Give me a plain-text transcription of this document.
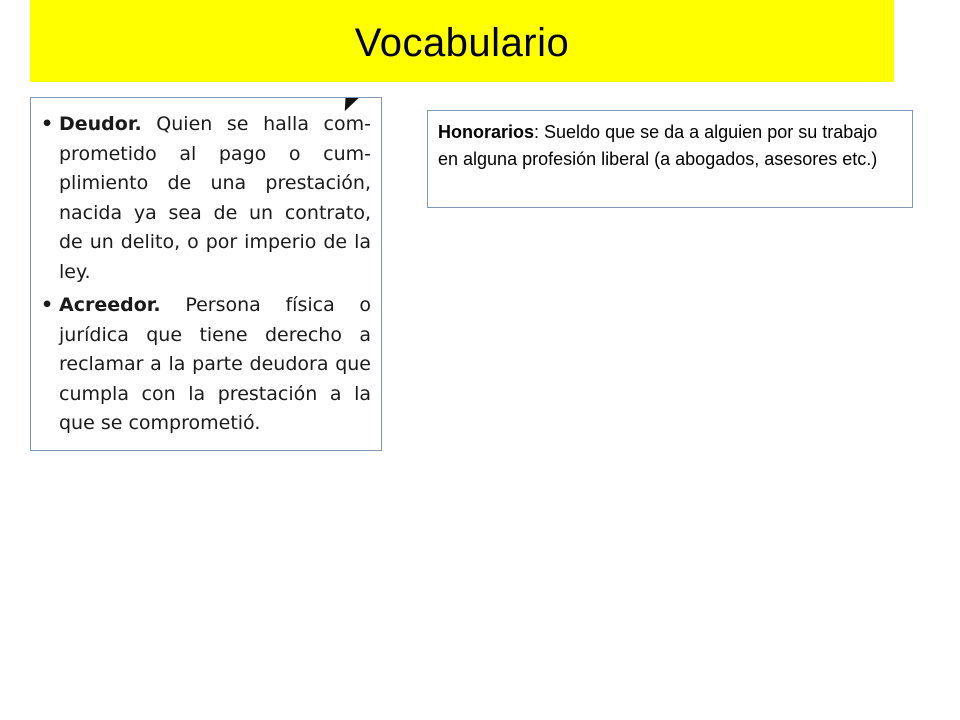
Vocabulario
• Deudor. Quien se halla com-prometido al pago o cum-plimiento de una prestación, nacida ya sea de un contrato, de un delito, o por imperio de la ley.
• Acreedor. Persona física o jurídica que tiene derecho a reclamar a la parte deudora que cumpla con la prestación a la que se comprometió.
Honorarios: Sueldo que se da a alguien por su trabajo en alguna profesión liberal (a abogados, asesores etc.)
